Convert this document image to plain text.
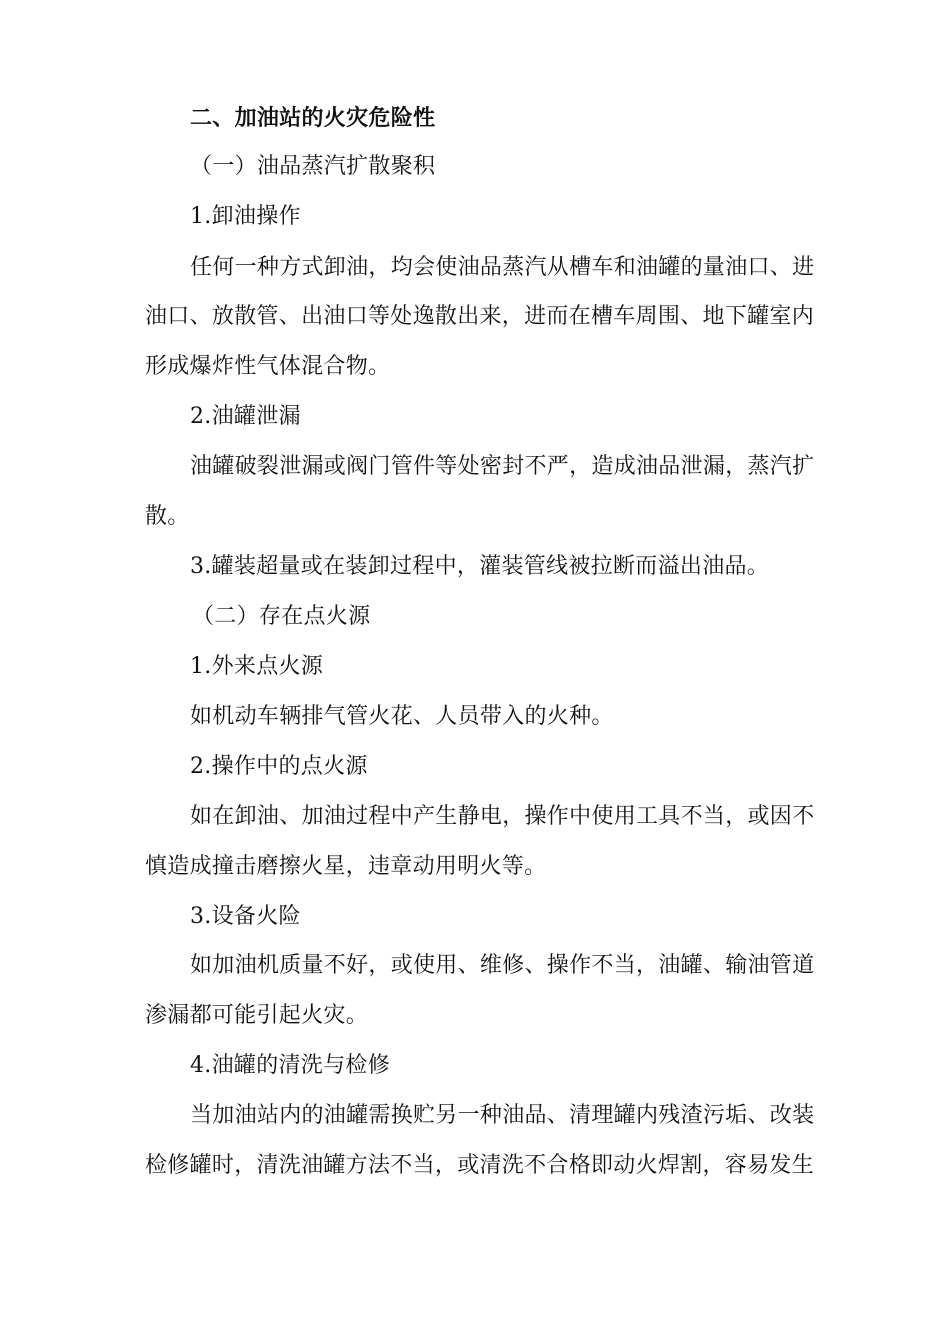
二、加油站的火灾危险性
（一）油品蒸汽扩散聚积
1.卸油操作
任何一种方式卸油，均会使油品蒸汽从槽车和油罐的量油口、进
油口、放散管、出油口等处逸散出来，进而在槽车周围、地下罐室内
形成爆炸性气体混合物。
2.油罐泄漏
油罐破裂泄漏或阀门管件等处密封不严，造成油品泄漏，蒸汽扩
散。
3.罐装超量或在装卸过程中，灌装管线被拉断而溢出油品。
（二）存在点火源
1.外来点火源
如机动车辆排气管火花、人员带入的火种。
2.操作中的点火源
如在卸油、加油过程中产生静电，操作中使用工具不当，或因不
慎造成撞击磨擦火星，违章动用明火等。
3.设备火险
如加油机质量不好，或使用、维修、操作不当，油罐、输油管道
渗漏都可能引起火灾。
4.油罐的清洗与检修
当加油站内的油罐需换贮另一种油品、清理罐内残渣污垢、改装
检修罐时，清洗油罐方法不当，或清洗不合格即动火焊割，容易发生
